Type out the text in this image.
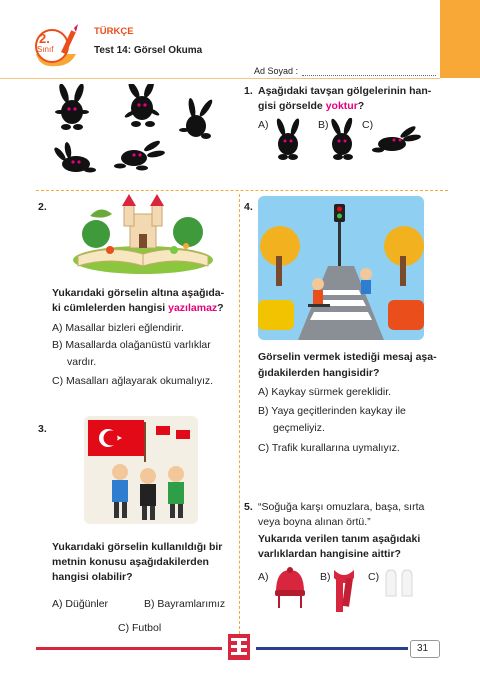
2.
Sınıf
TÜRKÇE
Test 14: Görsel Okuma
Ad Soyad :
1. Aşağıdaki tavşan gölgelerinin han-
gisi görselde yoktur?
A)	B)	C)
2.
Yukarıdaki görselin altına aşağıda-
ki cümlelerden hangisi yazılamaz?
A) Masallar bizleri eğlendirir.
B) Masallarda olağanüstü varlıklar
vardır.
C) Masalları ağlayarak okumalıyız.
3.
Yukarıdaki görselin kullanıldığı bir
metnin konusu aşağıdakilerden
hangisi olabilir?
A) Düğünler	B) Bayramlarımız
C) Futbol
4.
Görselin vermek istediği mesaj aşa-
ğıdakilerden hangisidir?
A) Kaykay sürmek gereklidir.
B) Yaya geçitlerinden kaykay ile
geçmeliyiz.
C) Trafik kurallarına uymalıyız.
5. “Soğuğa karşı omuzlara, başa, sırta
veya boyna alınan örtü.”
Yukarıda verilen tanım aşağıdaki
varlıklardan hangisine aittir?
A)	B)	C)
31
